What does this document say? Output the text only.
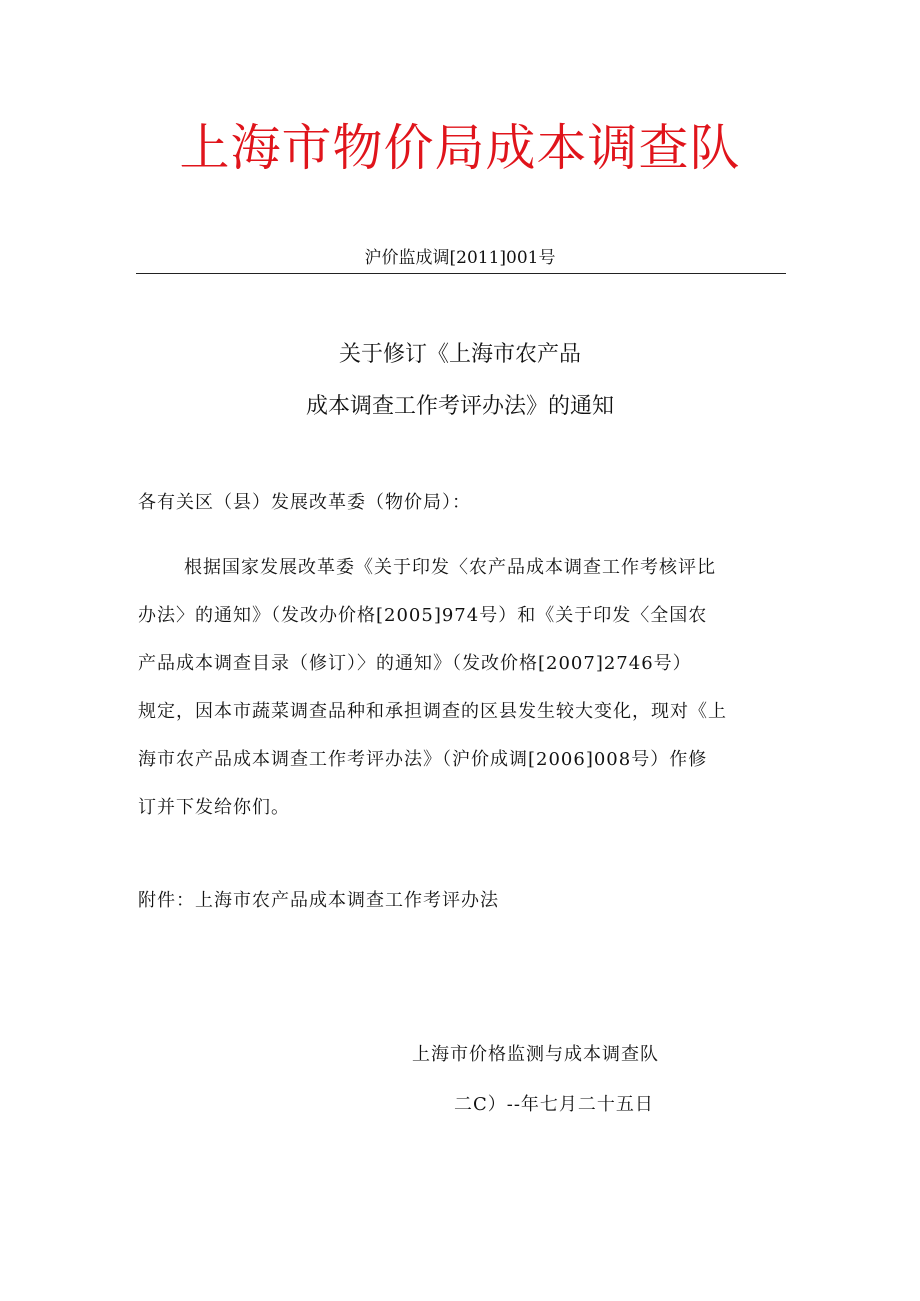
上海市物价局成本调查队
沪价监成调[2011]001号
关于修订《上海市农产品
成本调查工作考评办法》的通知
各有关区（县）发展改革委（物价局）：
根据国家发展改革委《关于印发〈农产品成本调查工作考核评比
办法〉的通知》（发改办价格[2005]974号）和《关于印发〈全国农
产品成本调查目录（修订）〉的通知》（发改价格[2007]2746号）
规定，因本市蔬菜调查品种和承担调查的区县发生较大变化，现对《上
海市农产品成本调查工作考评办法》（沪价成调[2006]008号）作修
订并下发给你们。
附件：上海市农产品成本调查工作考评办法
上海市价格监测与成本调查队
二C）--年七月二十五日
